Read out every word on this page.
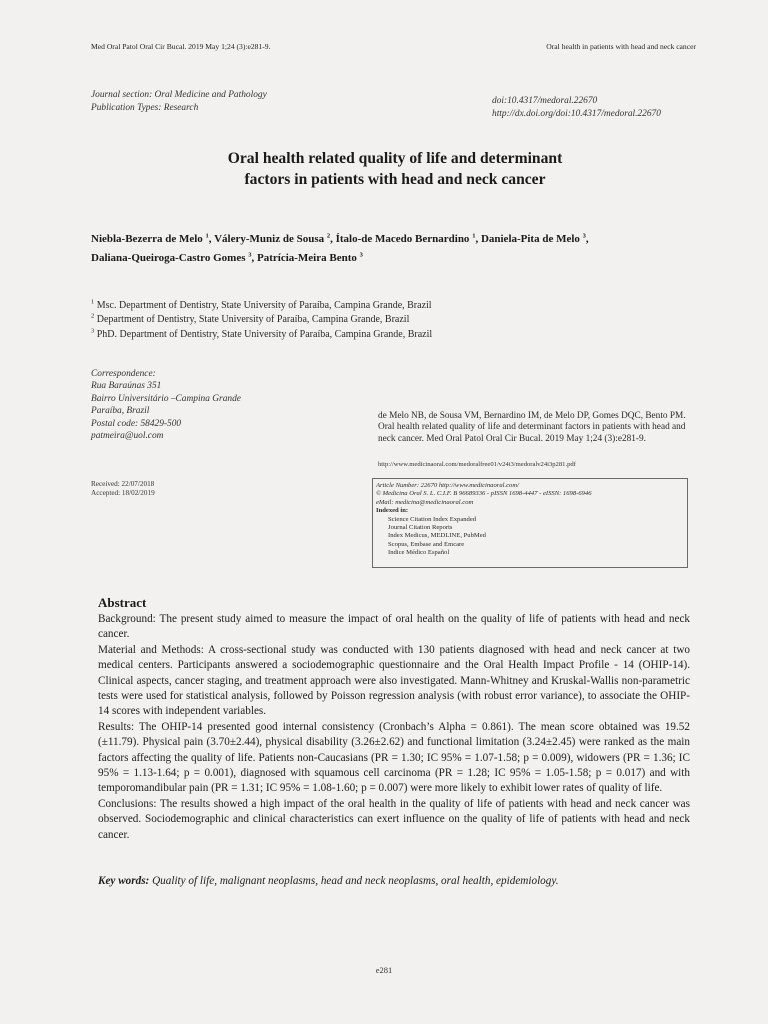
Med Oral Patol Oral Cir Bucal. 2019 May 1;24 (3):e281-9.	Oral health in patients with head and neck cancer
Journal section: Oral Medicine and Pathology
Publication Types: Research
doi:10.4317/medoral.22670
http://dx.doi.org/doi:10.4317/medoral.22670
Oral health related quality of life and determinant
factors in patients with head and neck cancer
Niebla-Bezerra de Melo $^1$, Válery-Muniz de Sousa $^2$, Ítalo-de Macedo Bernardino $^1$, Daniela-Pita de Melo $^3$,
Daliana-Queiroga-Castro Gomes $^3$, Patrícia-Meira Bento $^3$
$^1$ Msc. Department of Dentistry, State University of Paraíba, Campina Grande, Brazil
$^2$ Department of Dentistry, State University of Paraíba, Campina Grande, Brazil
$^3$ PhD. Department of Dentistry, State University of Paraíba, Campina Grande, Brazil
Correspondence:
Rua Baraúnas 351
Bairro Universitário –Campina Grande
Paraíba, Brazil
Postal code: 58429-500
patmeira@uol.com
Received: 22/07/2018
Accepted: 18/02/2019
de Melo NB, de Sousa VM, Bernardino IM, de Melo DP, Gomes DQC, Bento PM. Oral health related quality of life and determinant factors in patients with head and neck cancer. Med Oral Patol Oral Cir Bucal. 2019 May 1;24 (3):e281-9.
http://www.medicinaoral.com/medoralfree01/v24i3/medoralv24i3p281.pdf
Article Number: 22670 http://www.medicinaoral.com/
© Medicina Oral S. L. C.I.F. B 96689336 - pISSN 1698-4447 - eISSN: 1698-6946
eMail: medicina@medicinaoral.com
Indexed in:
Science Citation Index Expanded
Journal Citation Reports
Index Medicus, MEDLINE, PubMed
Scopus, Embase and Emcare
Indice Médico Español
Abstract

Background: The present study aimed to measure the impact of oral health on the quality of life of patients with head and neck cancer.

Material and Methods: A cross-sectional study was conducted with 130 patients diagnosed with head and neck cancer at two medical centers. Participants answered a sociodemographic questionnaire and the Oral Health Impact Profile - 14 (OHIP-14). Clinical aspects, cancer staging, and treatment approach were also investigated. Mann-Whitney and Kruskal-Wallis non-parametric tests were used for statistical analysis, followed by Poisson regression analysis (with robust error variance), to associate the OHIP-14 scores with independent variables.

Results: The OHIP-14 presented good internal consistency (Cronbach’s Alpha = 0.861). The mean score obtained was 19.52 (±11.79). Physical pain (3.70±2.44), physical disability (3.26±2.62) and functional limitation (3.24±2.45) were ranked as the main factors affecting the quality of life. Patients non-Caucasians (PR = 1.30; IC 95% = 1.07-1.58; p = 0.009), widowers (PR = 1.36; IC 95% = 1.13-1.64; p = 0.001), diagnosed with squamous cell carcinoma (PR = 1.28; IC 95% = 1.05-1.58; p = 0.017) and with temporomandibular pain (PR = 1.31; IC 95% = 1.08-1.60; p = 0.007) were more likely to exhibit lower rates of quality of life.

Conclusions: The results showed a high impact of the oral health in the quality of life of patients with head and neck cancer was observed. Sociodemographic and clinical characteristics can exert influence on the quality of life of patients with head and neck cancer.

Key words: Quality of life, malignant neoplasms, head and neck neoplasms, oral health, epidemiology.
e281
